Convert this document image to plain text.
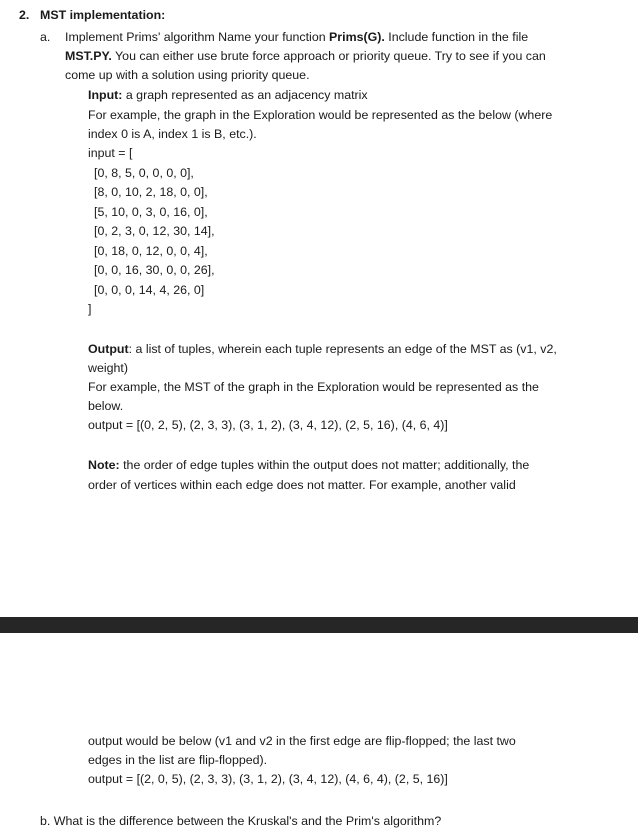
2. MST implementation:
a. Implement Prims' algorithm Name your function Prims(G). Include function in the file
MST.PY. You can either use brute force approach or priority queue. Try to see if you can
come up with a solution using priority queue.
Input: a graph represented as an adjacency matrix
For example, the graph in the Exploration would be represented as the below (where
index 0 is A, index 1 is B, etc.).
input = [
[0, 8, 5, 0, 0, 0, 0],
[8, 0, 10, 2, 18, 0, 0],
[5, 10, 0, 3, 0, 16, 0],
[0, 2, 3, 0, 12, 30, 14],
[0, 18, 0, 12, 0, 0, 4],
[0, 0, 16, 30, 0, 0, 26],
[0, 0, 0, 14, 4, 26, 0]
]
Output: a list of tuples, wherein each tuple represents an edge of the MST as (v1, v2,
weight)
For example, the MST of the graph in the Exploration would be represented as the
below.
output = [(0, 2, 5), (2, 3, 3), (3, 1, 2), (3, 4, 12), (2, 5, 16), (4, 6, 4)]
Note: the order of edge tuples within the output does not matter; additionally, the
order of vertices within each edge does not matter. For example, another valid
output would be below (v1 and v2 in the first edge are flip-flopped; the last two
edges in the list are flip-flopped).
output = [(2, 0, 5), (2, 3, 3), (3, 1, 2), (3, 4, 12), (4, 6, 4), (2, 5, 16)]
b. What is the difference between the Kruskal's and the Prim's algorithm?
